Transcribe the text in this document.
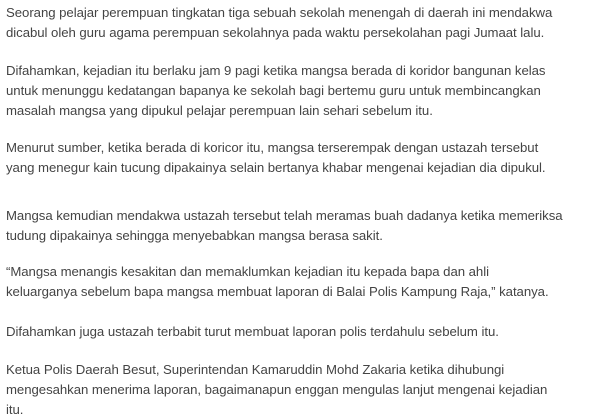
Seorang pelajar perempuan tingkatan tiga sebuah sekolah menengah di daerah ini mendakwa
dicabul oleh guru agama perempuan sekolahnya pada waktu persekolahan pagi Jumaat lalu.

Difahamkan, kejadian itu berlaku jam 9 pagi ketika mangsa berada di koridor bangunan kelas
untuk menunggu kedatangan bapanya ke sekolah bagi bertemu guru untuk membincangkan
masalah mangsa yang dipukul pelajar perempuan lain sehari sebelum itu.

Menurut sumber, ketika berada di koricor itu, mangsa terserempak dengan ustazah tersebut
yang menegur kain tucung dipakainya selain bertanya khabar mengenai kejadian dia dipukul.

Mangsa kemudian mendakwa ustazah tersebut telah meramas buah dadanya ketika memeriksa
tudung dipakainya sehingga menyebabkan mangsa berasa sakit.

“Mangsa menangis kesakitan dan memaklumkan kejadian itu kepada bapa dan ahli
keluarganya sebelum bapa mangsa membuat laporan di Balai Polis Kampung Raja,” katanya.

Difahamkan juga ustazah terbabit turut membuat laporan polis terdahulu sebelum itu.

Ketua Polis Daerah Besut, Superintendan Kamaruddin Mohd Zakaria ketika dihubungi
mengesahkan menerima laporan, bagaimanapun enggan mengulas lanjut mengenai kejadian
itu.
